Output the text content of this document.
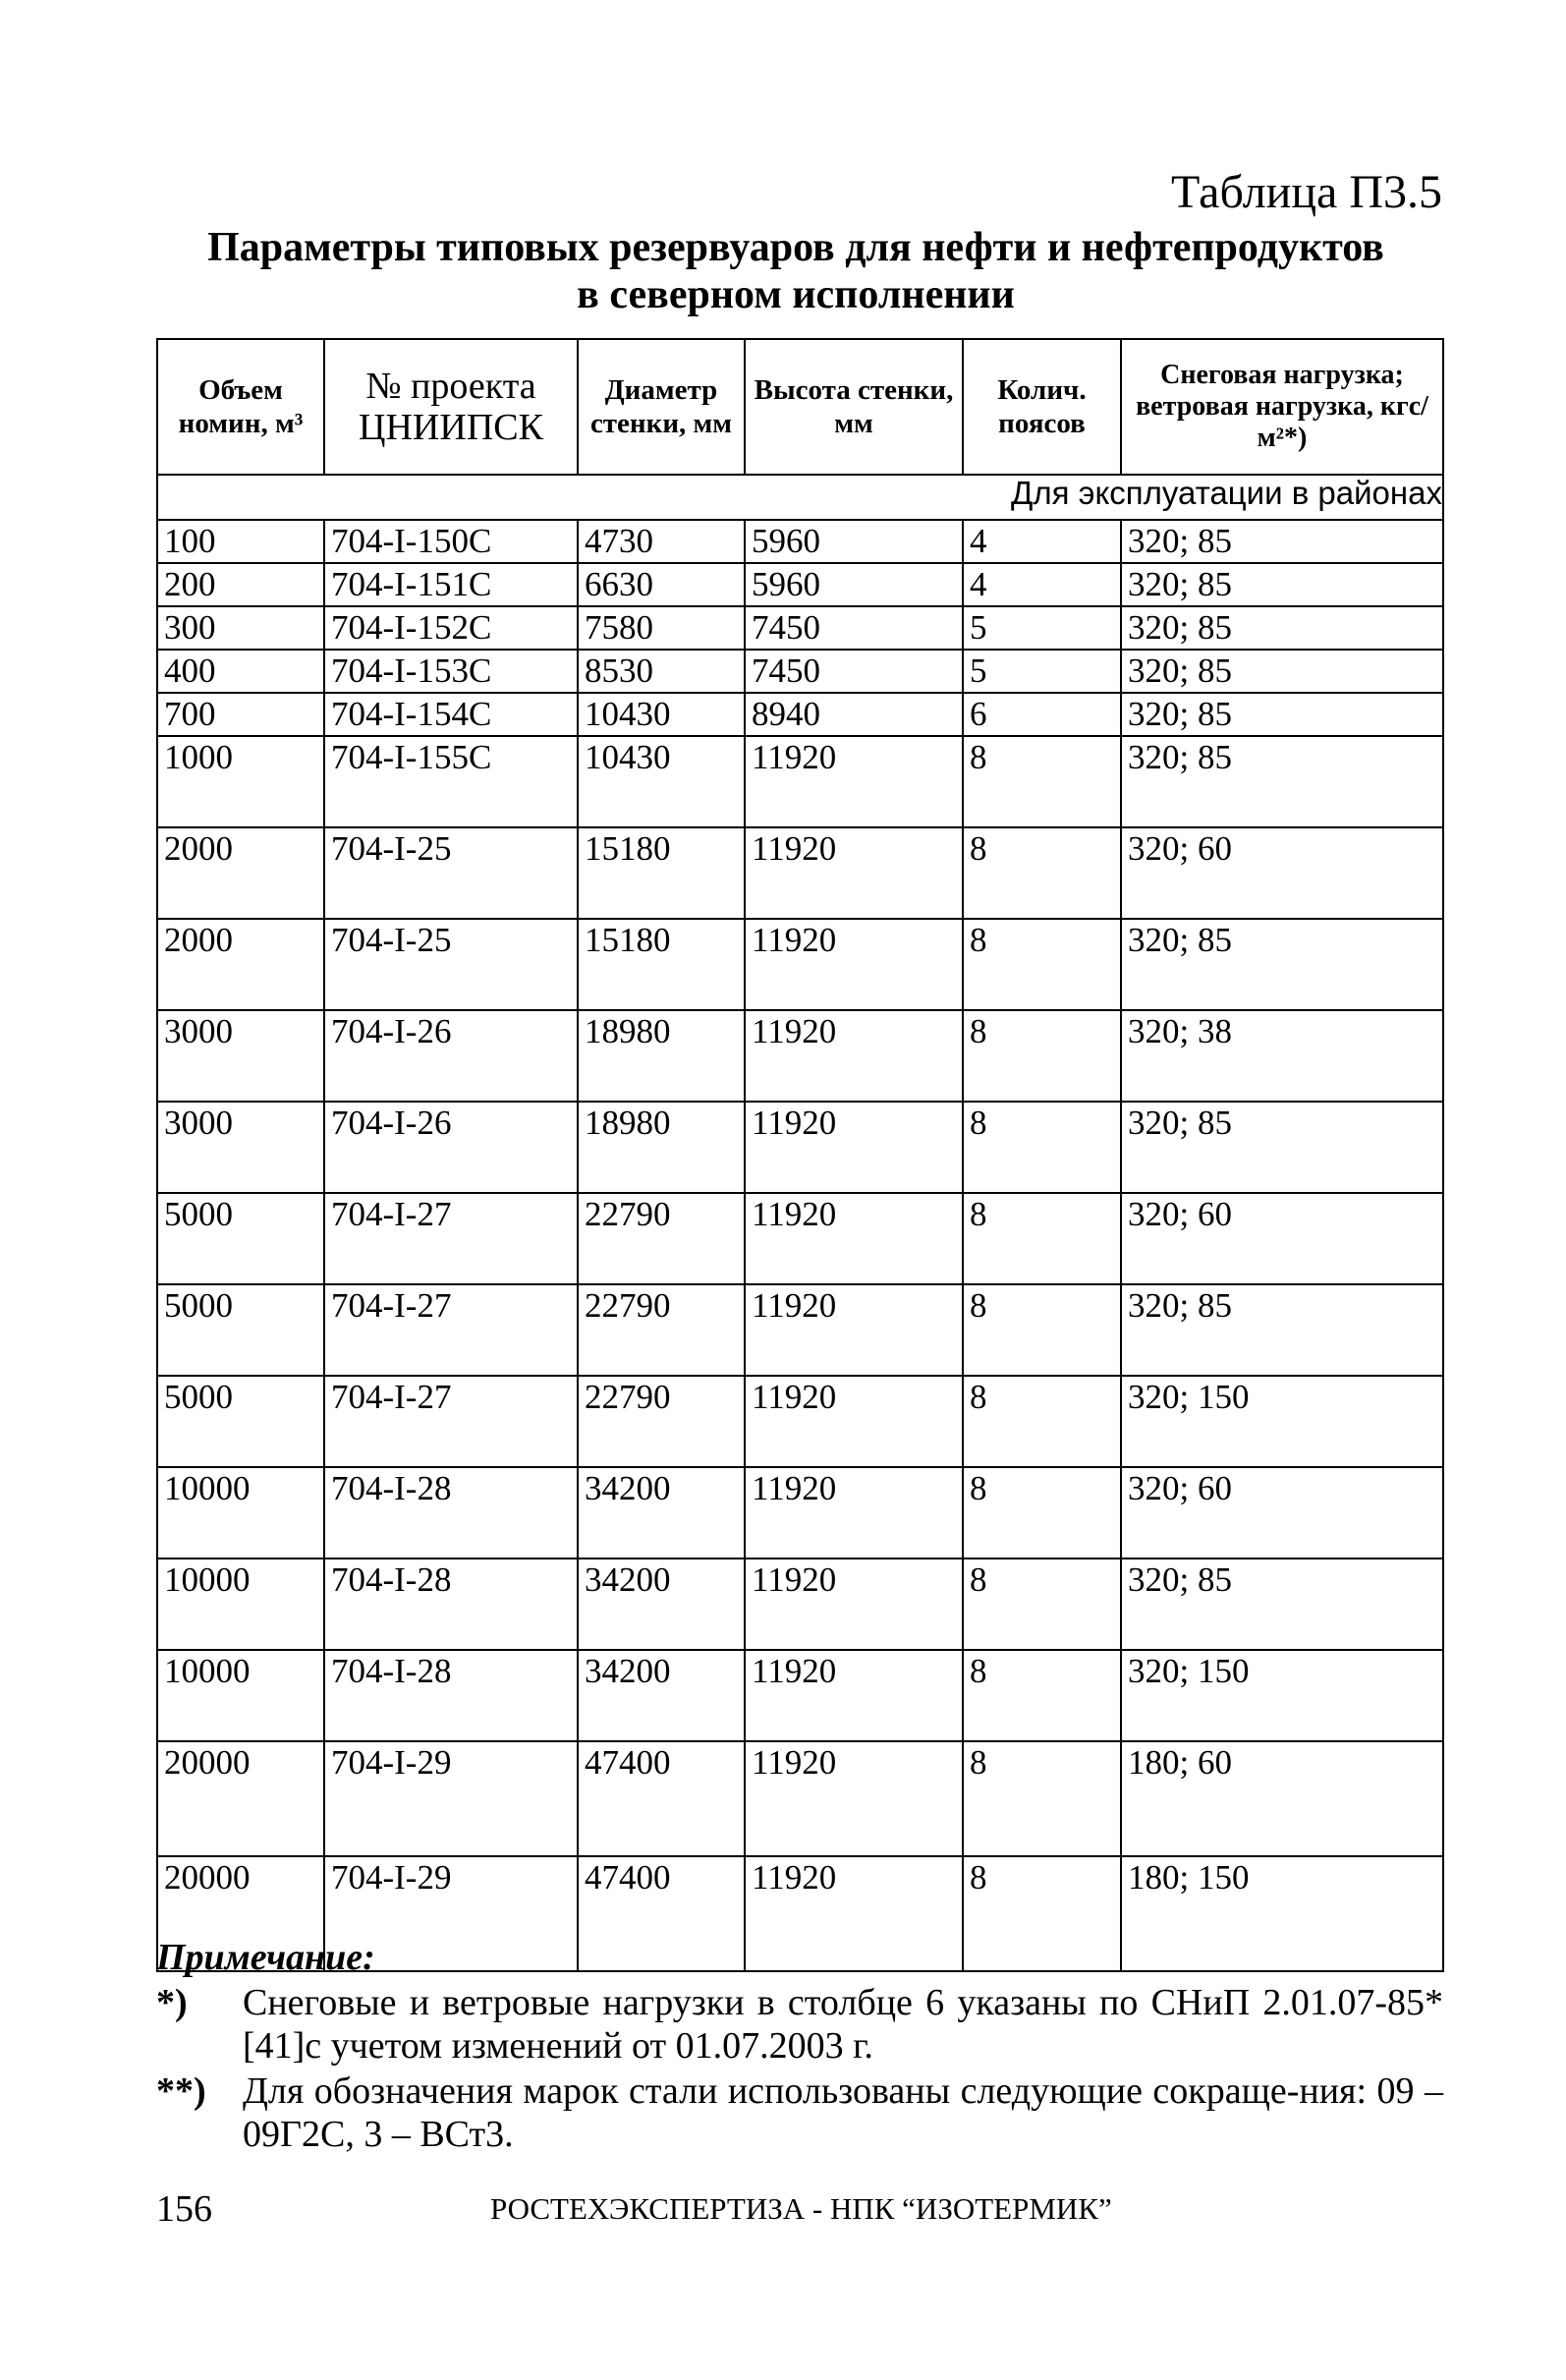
Таблица П3.5
Параметры типовых резервуаров для нефти и нефтепродуктов
в северном исполнении
Объем номин, м³	№ проекта ЦНИИПСК	Диаметр стенки, мм	Высота стенки, мм	Колич. поясов	Снеговая нагрузка; ветровая нагрузка, кгс/м²*)
Для эксплуатации в районах					
100	704-I-150C	4730	5960	4	320; 85
200	704-I-151C	6630	5960	4	320; 85
300	704-I-152C	7580	7450	5	320; 85
400	704-I-153C	8530	7450	5	320; 85
700	704-I-154C	10430	8940	6	320; 85
1000	704-I-155C	10430	11920	8	320; 85
2000	704-I-25	15180	11920	8	320; 60
2000	704-I-25	15180	11920	8	320; 85
3000	704-I-26	18980	11920	8	320; 38
3000	704-I-26	18980	11920	8	320; 85
5000	704-I-27	22790	11920	8	320; 60
5000	704-I-27	22790	11920	8	320; 85
5000	704-I-27	22790	11920	8	320; 150
10000	704-I-28	34200	11920	8	320; 60
10000	704-I-28	34200	11920	8	320; 85
10000	704-I-28	34200	11920	8	320; 150
20000	704-I-29	47400	11920	8	180; 60
20000	704-I-29	47400	11920	8	180; 150
Примечание:
*)	Снеговые и ветровые нагрузки в столбце 6 указаны по СНиП 2.01.07-85* [41]с учетом изменений от 01.07.2003 г.
**) Для обозначения марок стали использованы следующие сокраще-ния: 09 – 09Г2С, 3 – ВСт3.
156	РОСТЕХЭКСПЕРТИЗА - НПК “ИЗОТЕРМИК”
